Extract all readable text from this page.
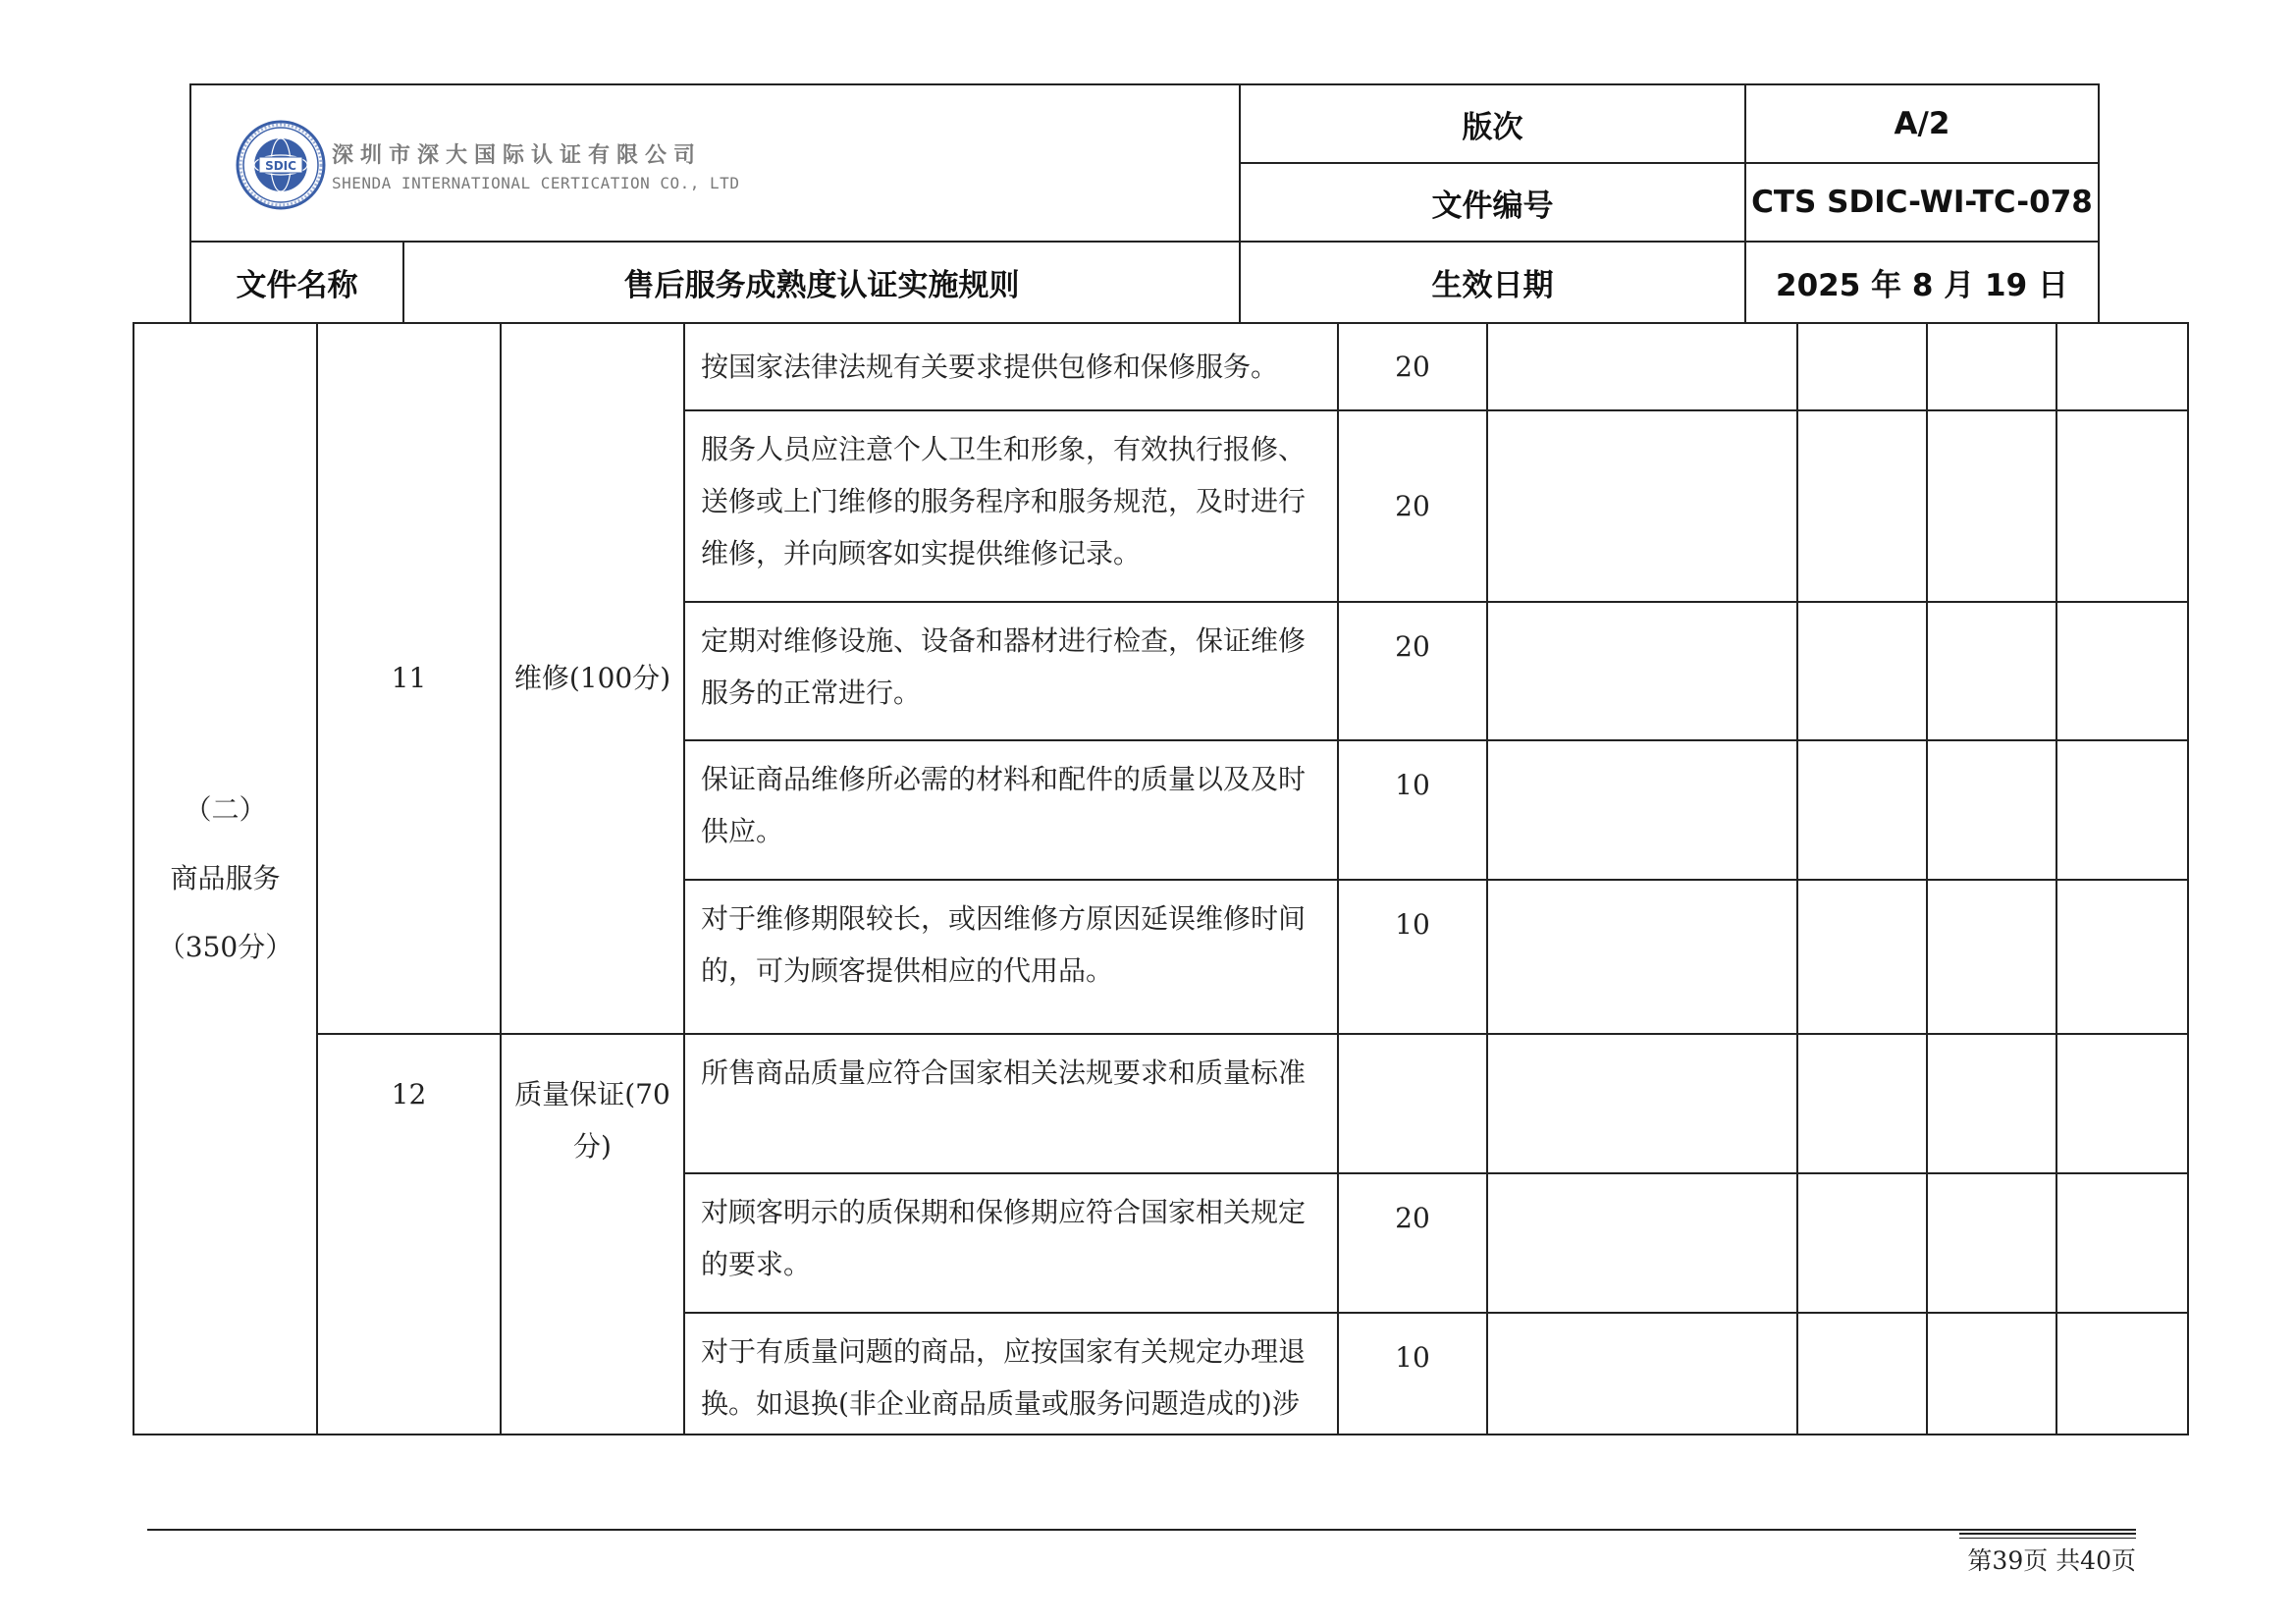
SDIC 深圳市深大国际认证有限公司
SHENDA INTERNATIONAL CERTICATION CO., LTD		版次	A/2
		文件编号	CTS SDIC-WI-TC-078
文件名称	售后服务成熟度认证实施规则	生效日期	2025 年 8 月 19 日
（二）
商品服务
（350分）	11	维修(100分)	按国家法律法规有关要求提供包修和保修服务。	20				
			服务人员应注意个人卫生和形象，有效执行报修、送修或上门维修的服务程序和服务规范，及时进行维修，并向顾客如实提供维修记录。	20				
			定期对维修设施、设备和器材进行检查，保证维修服务的正常进行。	20				
			保证商品维修所必需的材料和配件的质量以及及时供应。	10				
			对于维修期限较长，或因维修方原因延误维修时间的，可为顾客提供相应的代用品。	10				
	12	质量保证(70分)	所售商品质量应符合国家相关法规要求和质量标准					
			对顾客明示的质保期和保修期应符合国家相关规定的要求。	20				
			对于有质量问题的商品，应按国家有关规定办理退换。如退换(非企业商品质量或服务问题造成的)涉	10				
第39页 共40页
